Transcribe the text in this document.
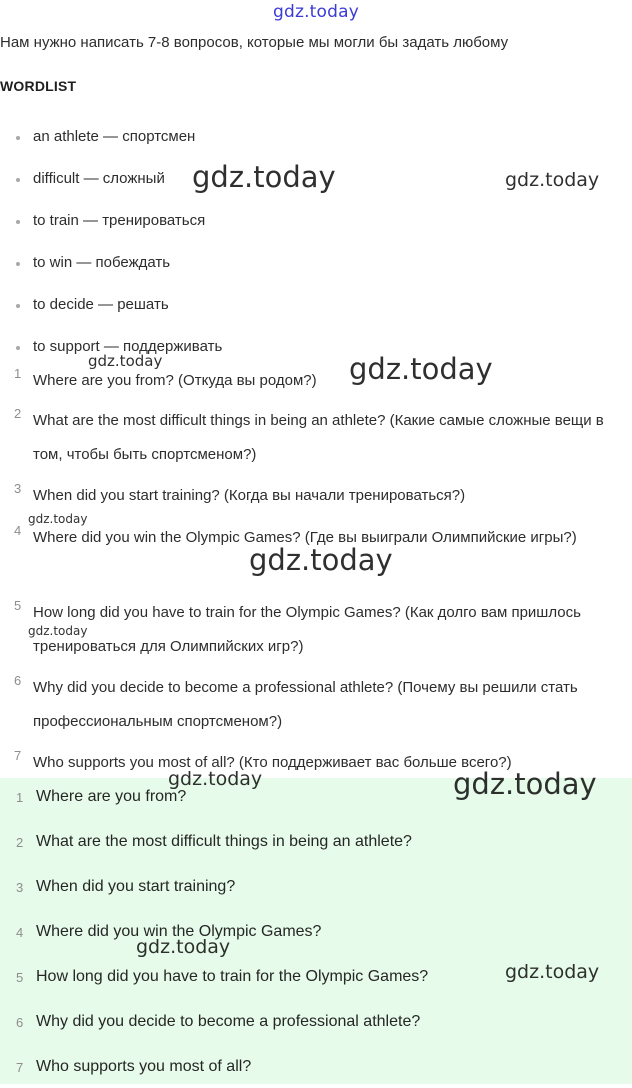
gdz.today
Нам нужно написать 7-8 вопросов, которые мы могли бы задать любому
WORDLIST
an athlete — спортсмен
difficult — сложный
to train — тренироваться
to win — побеждать
to decide — решать
to support — поддерживать
1 Where are you from? (Откуда вы родом?)
2 What are the most difficult things in being an athlete? (Какие самые сложные вещи в том, чтобы быть спортсменом?)
3 When did you start training? (Когда вы начали тренироваться?)
4 Where did you win the Olympic Games? (Где вы выиграли Олимпийские игры?)
5 How long did you have to train for the Olympic Games? (Как долго вам пришлось тренироваться для Олимпийских игр?)
6 Why did you decide to become a professional athlete? (Почему вы решили стать профессиональным спортсменом?)
7 Who supports you most of all? (Кто поддерживает вас больше всего?)
1 Where are you from?
2 What are the most difficult things in being an athlete?
3 When did you start training?
4 Where did you win the Olympic Games?
5 How long did you have to train for the Olympic Games?
6 Why did you decide to become a professional athlete?
7 Who supports you most of all?
gdz.today	gdz.today
gdz.today	gdz.today
gdz.today
gdz.today
gdz.today
gdz.today	gdz.today
gdz.today
gdz.today
